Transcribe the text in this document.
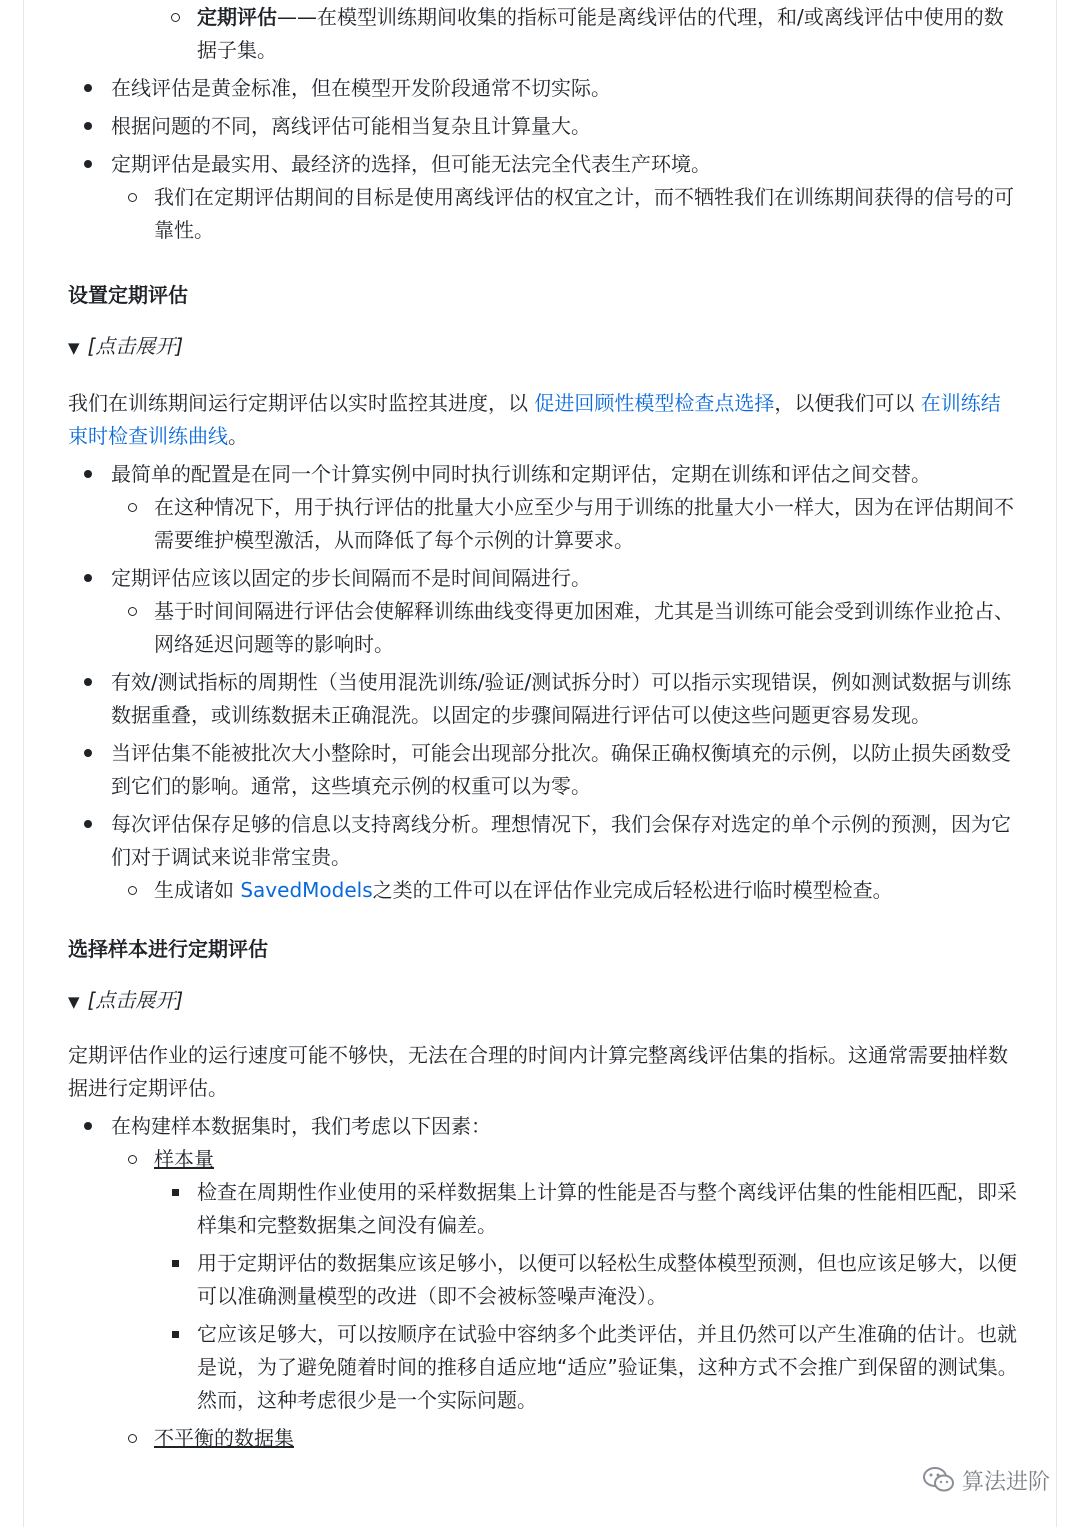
定期评估——在模型训练期间收集的指标可能是离线评估的代理，和/或离线评估中使用的数据子集。
在线评估是黄金标准，但在模型开发阶段通常不切实际。
根据问题的不同，离线评估可能相当复杂且计算量大。
定期评估是最实用、最经济的选择，但可能无法完全代表生产环境。
我们在定期评估期间的目标是使用离线评估的权宜之计，而不牺牲我们在训练期间获得的信号的可靠性。
设置定期评估
▼ [点击展开]
我们在训练期间运行定期评估以实时监控其进度，以 促进回顾性模型检查点选择，以便我们可以 在训练结束时检查训练曲线。
最简单的配置是在同一个计算实例中同时执行训练和定期评估，定期在训练和评估之间交替。
在这种情况下，用于执行评估的批量大小应至少与用于训练的批量大小一样大，因为在评估期间不需要维护模型激活，从而降低了每个示例的计算要求。
定期评估应该以固定的步长间隔而不是时间间隔进行。
基于时间间隔进行评估会使解释训练曲线变得更加困难，尤其是当训练可能会受到训练作业抢占、网络延迟问题等的影响时。
有效/测试指标的周期性（当使用混洗训练/验证/测试拆分时）可以指示实现错误，例如测试数据与训练数据重叠，或训练数据未正确混洗。以固定的步骤间隔进行评估可以使这些问题更容易发现。
当评估集不能被批次大小整除时，可能会出现部分批次。确保正确权衡填充的示例，以防止损失函数受到它们的影响。通常，这些填充示例的权重可以为零。
每次评估保存足够的信息以支持离线分析。理想情况下，我们会保存对选定的单个示例的预测，因为它们对于调试来说非常宝贵。
生成诸如 SavedModels之类的工件可以在评估作业完成后轻松进行临时模型检查。
选择样本进行定期评估
▼ [点击展开]
定期评估作业的运行速度可能不够快，无法在合理的时间内计算完整离线评估集的指标。这通常需要抽样数据进行定期评估。
在构建样本数据集时，我们考虑以下因素：
样本量
检查在周期性作业使用的采样数据集上计算的性能是否与整个离线评估集的性能相匹配，即采样集和完整数据集之间没有偏差。
用于定期评估的数据集应该足够小，以便可以轻松生成整体模型预测，但也应该足够大，以便可以准确测量模型的改进（即不会被标签噪声淹没）。
它应该足够大，可以按顺序在试验中容纳多个此类评估，并且仍然可以产生准确的估计。也就是说，为了避免随着时间的推移自适应地“适应”验证集，这种方式不会推广到保留的测试集。然而，这种考虑很少是一个实际问题。
不平衡的数据集
算法进阶
